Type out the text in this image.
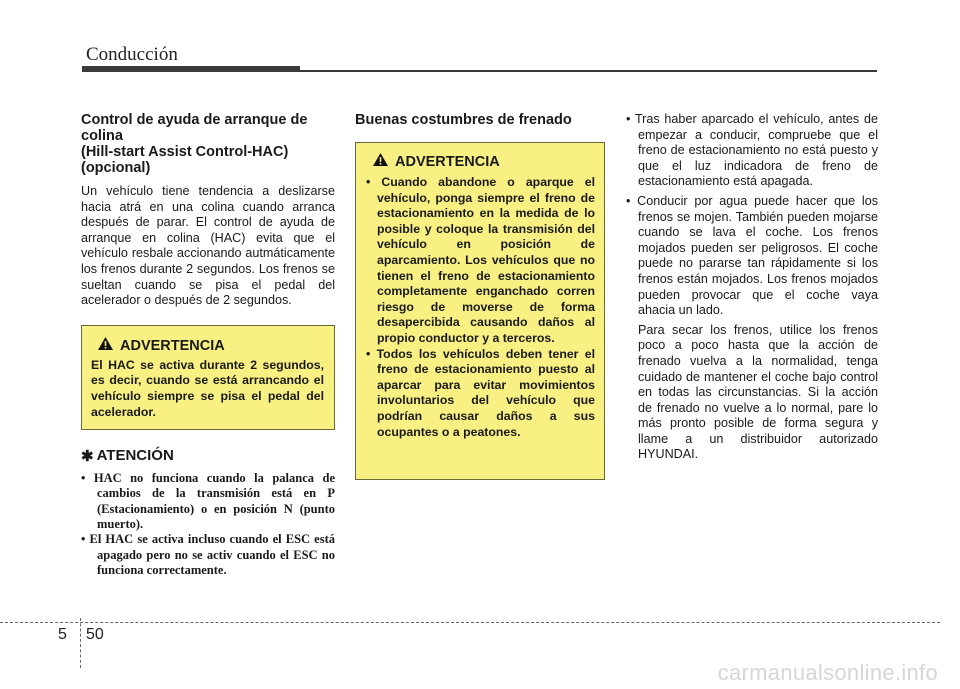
Conducción
Control de ayuda de arranque de
colina
(Hill-start Assist Control-HAC)
(opcional)

Un vehículo tiene tendencia a deslizarse hacia atrá en una colina cuando arranca después de parar. El control de ayuda de arranque en colina (HAC) evita que el vehículo resbale accionando autmáticamente los frenos durante 2 segundos. Los frenos se sueltan cuando se pisa el pedal del acelerador o después de 2 segundos.

ADVERTENCIA

El HAC se activa durante 2 segundos, es decir, cuando se está arrancando el vehículo siempre se pisa el pedal del acelerador.

✱ ATENCIÓN
• HAC no funciona cuando la palanca de cambios de la transmisión está en P (Estacionamiento) o en posición N (punto muerto).
• El HAC se activa incluso cuando el ESC está apagado pero no se activ cuando el ESC no funciona correctamente.
Buenas costumbres de frenado
ADVERTENCIA
• Cuando abandone o aparque el vehículo, ponga siempre el freno de estacionamiento en la medida de lo posible y coloque la transmisión del vehículo en posición de aparcamiento. Los vehículos que no tienen el freno de estacionamiento completamente enganchado corren riesgo de moverse de forma desapercibida causando daños al propio conductor y a terceros.
• Todos los vehículos deben tener el freno de estacionamiento puesto al aparcar para evitar movimientos involuntarios del vehículo que podrían causar daños a sus ocupantes o a peatones.
• Tras haber aparcado el vehículo, antes de empezar a conducir, compruebe que el freno de estacionamiento no está puesto y que el luz indicadora de freno de estacionamiento está apagada.
• Conducir por agua puede hacer que los frenos se mojen. También pueden mojarse cuando se lava el coche. Los frenos mojados pueden ser peligrosos. El coche puede no pararse tan rápidamente si los frenos están mojados. Los frenos mojados pueden provocar que el coche vaya ahacia un lado.

Para secar los frenos, utilice los frenos poco a poco hasta que la acción de frenado vuelva a la normalidad, tenga cuidado de mantener el coche bajo control en todas las circunstancias. Si la acción de frenado no vuelve a lo normal, pare lo más pronto posible de forma segura y llame a un distribuidor autorizado HYUNDAI.

5 50
carmanualsonline.info
